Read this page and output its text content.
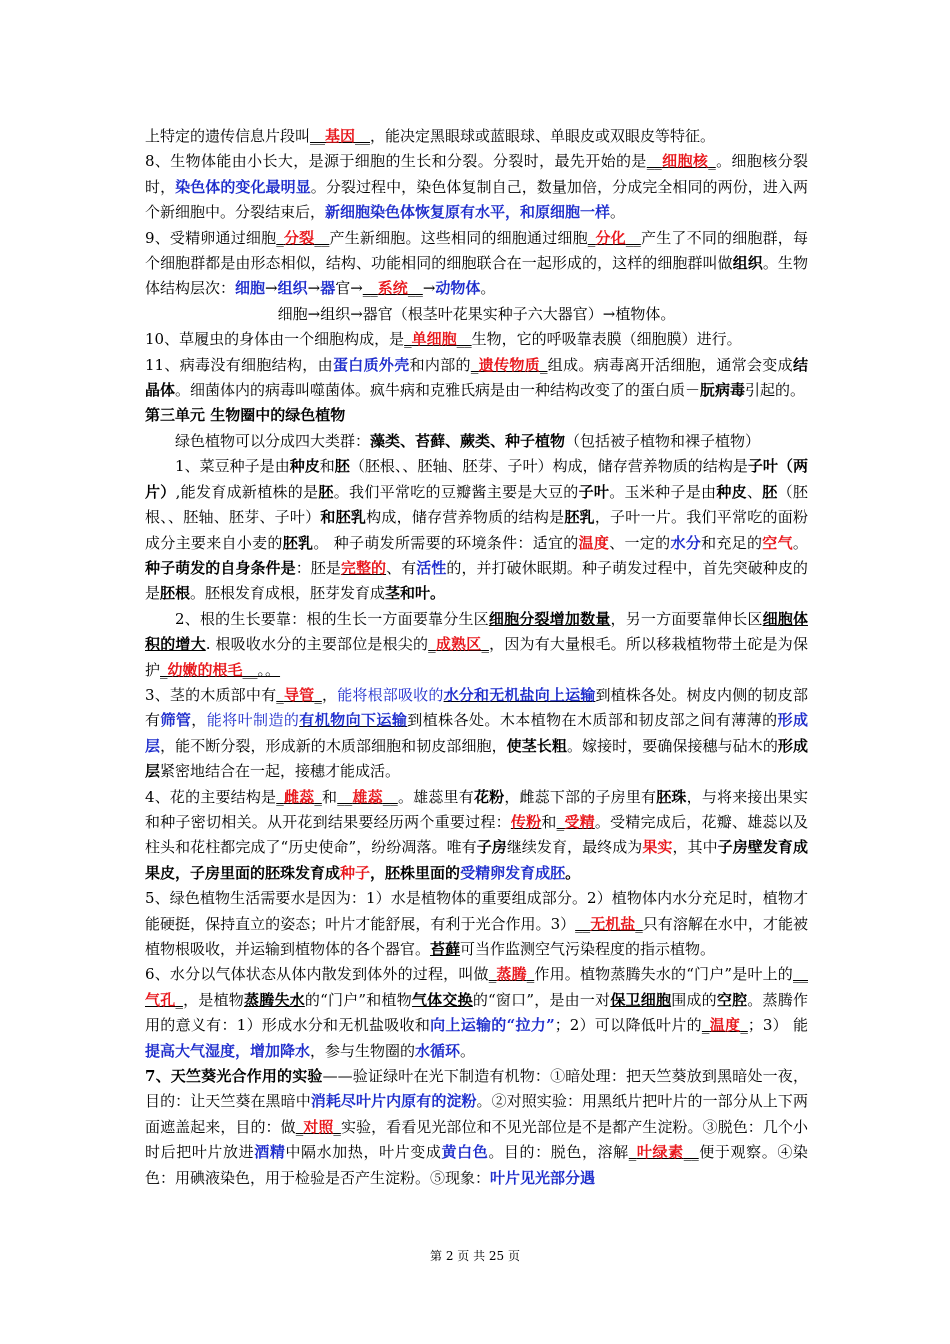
上特定的遗传信息片段叫__基因__，能决定黑眼球或蓝眼球、单眼皮或双眼皮等特征。

8、生物体能由小长大，是源于细胞的生长和分裂。分裂时，最先开始的是__细胞核_。细胞核分裂时，染色体的变化最明显。分裂过程中，染色体复制自己，数量加倍，分成完全相同的两份，进入两个新细胞中。分裂结束后，新细胞染色体恢复原有水平，和原细胞一样。

9、受精卵通过细胞_分裂__产生新细胞。这些相同的细胞通过细胞_分化__产生了不同的细胞群，每个细胞群都是由形态相似，结构、功能相同的细胞联合在一起形成的，这样的细胞群叫做组织。生物体结构层次：细胞→组织→器官→__系统__→动物体。

细胞→组织→器官（根茎叶花果实种子六大器官）→植物体。

10、草履虫的身体由一个细胞构成，是_单细胞__生物，它的呼吸靠表膜（细胞膜）进行。

11、病毒没有细胞结构，由蛋白质外壳和内部的_遗传物质_组成。病毒离开活细胞，通常会变成结晶体。细菌体内的病毒叫噬菌体。疯牛病和克雅氏病是由一种结构改变了的蛋白质－朊病毒引起的。

第三单元 生物圈中的绿色植物

绿色植物可以分成四大类群：藻类、苔藓、蕨类、种子植物（包括被子植物和裸子植物）

1、菜豆种子是由种皮和胚（胚根、、胚轴、胚芽、子叶）构成，储存营养物质的结构是子叶（两片）,能发育成新植株的是胚。我们平常吃的豆瓣酱主要是大豆的子叶。玉米种子是由种皮、胚（胚根、、胚轴、胚芽、子叶）和胚乳构成，储存营养物质的结构是胚乳，子叶一片。我们平常吃的面粉成分主要来自小麦的胚乳。 种子萌发所需要的环境条件：适宜的温度、一定的水分和充足的空气。种子萌发的自身条件是：胚是完整的、有活性的，并打破休眠期。种子萌发过程中，首先突破种皮的是胚根。胚根发育成根，胚芽发育成茎和叶。

2、根的生长要靠：根的生长一方面要靠分生区细胞分裂增加数量，另一方面要靠伸长区细胞体积的增大. 根吸收水分的主要部位是根尖的_成熟区_，因为有大量根毛。所以移栽植物带土砣是为保护_幼嫩的根毛__。。

3、茎的木质部中有_导管_，能将根部吸收的水分和无机盐向上运输到植株各处。树皮内侧的韧皮部有筛管，能将叶制造的有机物向下运输到植株各处。木本植物在木质部和韧皮部之间有薄薄的形成层，能不断分裂，形成新的木质部细胞和韧皮部细胞，使茎长粗。嫁接时，要确保接穗与砧木的形成层紧密地结合在一起，接穗才能成活。

4、花的主要结构是_雌蕊_和__雄蕊__。雄蕊里有花粉，雌蕊下部的子房里有胚珠，与将来接出果实和种子密切相关。从开花到结果要经历两个重要过程：传粉和_受精。受精完成后，花瓣、雄蕊以及柱头和花柱都完成了“历史使命”，纷纷凋落。唯有子房继续发育，最终成为果实，其中子房壁发育成果皮，子房里面的胚珠发育成种子，胚株里面的受精卵发育成胚。

5、绿色植物生活需要水是因为：1）水是植物体的重要组成部分。2）植物体内水分充足时，植物才能硬挺，保持直立的姿态；叶片才能舒展，有利于光合作用。3）__无机盐_只有溶解在水中，才能被植物根吸收，并运输到植物体的各个器官。苔藓可当作监测空气污染程度的指示植物。

6、水分以气体状态从体内散发到体外的过程，叫做_蒸腾_作用。植物蒸腾失水的“门户”是叶上的__气孔_，是植物蒸腾失水的“门户”和植物气体交换的“窗口”，是由一对保卫细胞围成的空腔。蒸腾作用的意义有：1）形成水分和无机盐吸收和向上运输的“拉力”；2）可以降低叶片的_温度_；3） 能提高大气湿度，增加降水，参与生物圈的水循环。

7、天竺葵光合作用的实验——验证绿叶在光下制造有机物：①暗处理：把天竺葵放到黑暗处一夜，目的：让天竺葵在黑暗中消耗尽叶片内原有的淀粉。②对照实验：用黑纸片把叶片的一部分从上下两面遮盖起来，目的：做_对照_实验，看看见光部位和不见光部位是不是都产生淀粉。③脱色：几个小时后把叶片放进酒精中隔水加热，叶片变成黄白色。目的：脱色，溶解_叶绿素__便于观察。④染色：用碘液染色，用于检验是否产生淀粉。⑤现象：叶片见光部分遇

第 2 页 共 25 页
